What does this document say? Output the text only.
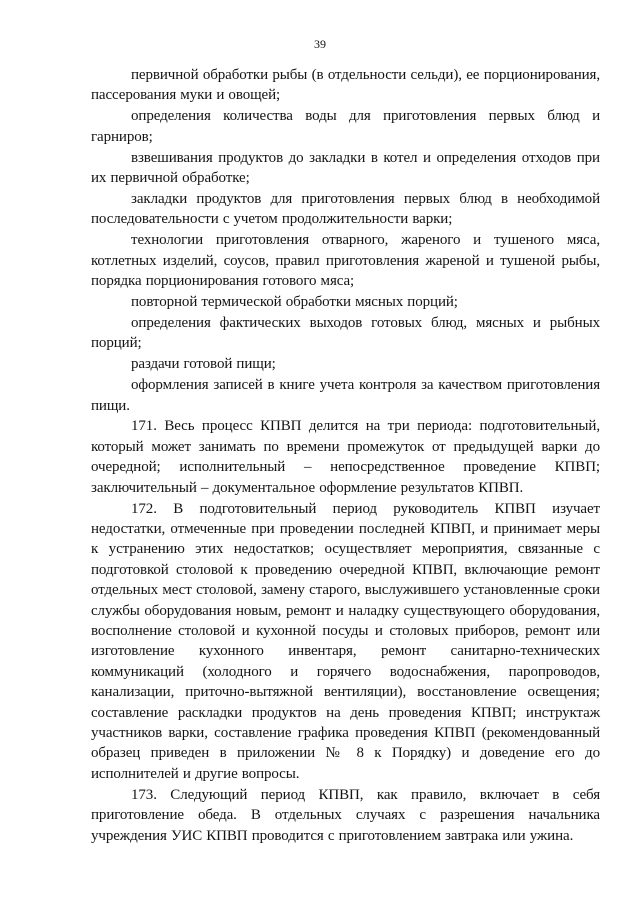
39

первичной обработки рыбы (в отдельности сельди), ее порционирования, пассерования муки и овощей;

определения количества воды для приготовления первых блюд и гарниров;

взвешивания продуктов до закладки в котел и определения отходов при их первичной обработке;

закладки продуктов для приготовления первых блюд в необходимой последовательности с учетом продолжительности варки;

технологии приготовления отварного, жареного и тушеного мяса, котлетных изделий, соусов, правил приготовления жареной и тушеной рыбы, порядка порционирования готового мяса;

повторной термической обработки мясных порций;

определения фактических выходов готовых блюд, мясных и рыбных порций;

раздачи готовой пищи;

оформления записей в книге учета контроля за качеством приготовления пищи.

171. Весь процесс КПВП делится на три периода: подготовительный, который может занимать по времени промежуток от предыдущей варки до очередной; исполнительный – непосредственное проведение КПВП; заключительный – документальное оформление результатов КПВП.

172. В подготовительный период руководитель КПВП изучает недостатки, отмеченные при проведении последней КПВП, и принимает меры к устранению этих недостатков; осуществляет мероприятия, связанные с подготовкой столовой к проведению очередной КПВП, включающие ремонт отдельных мест столовой, замену старого, выслужившего установленные сроки службы оборудования новым, ремонт и наладку существующего оборудования, восполнение столовой и кухонной посуды и столовых приборов, ремонт или изготовление кухонного инвентаря, ремонт санитарно-технических коммуникаций (холодного и горячего водоснабжения, паропроводов, канализации, приточно-вытяжной вентиляции), восстановление освещения; составление раскладки продуктов на день проведения КПВП; инструктаж участников варки, составление графика проведения КПВП (рекомендованный образец приведен в приложении № 8 к Порядку) и доведение его до исполнителей и другие вопросы.

173. Следующий период КПВП, как правило, включает в себя приготовление обеда. В отдельных случаях с разрешения начальника учреждения УИС КПВП проводится с приготовлением завтрака или ужина.
